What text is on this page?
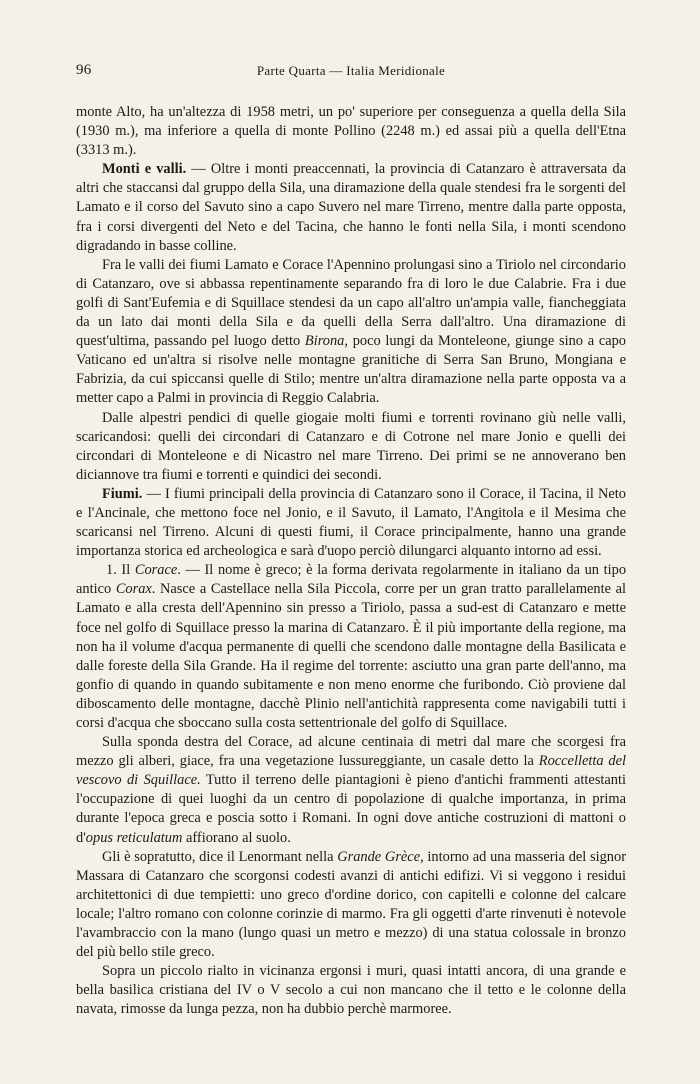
96	Parte Quarta — Italia Meridionale

monte Alto, ha un'altezza di 1958 metri, un po' superiore per conseguenza a quella della Sila (1930 m.), ma inferiore a quella di monte Pollino (2248 m.) ed assai più a quella dell'Etna (3313 m.).

Monti e valli. — Oltre i monti preaccennati, la provincia di Catanzaro è attraversata da altri che staccansi dal gruppo della Sila, una diramazione della quale stendesi fra le sorgenti del Lamato e il corso del Savuto sino a capo Suvero nel mare Tirreno, mentre dalla parte opposta, fra i corsi divergenti del Neto e del Tacina, che hanno le fonti nella Sila, i monti scendono digradando in basse colline.

Fra le valli dei fiumi Lamato e Corace l'Apennino prolungasi sino a Tiriolo nel circondario di Catanzaro, ove si abbassa repentinamente separando fra di loro le due Calabrie. Fra i due golfi di Sant'Eufemia e di Squillace stendesi da un capo all'altro un'ampia valle, fiancheggiata da un lato dai monti della Sila e da quelli della Serra dall'altro. Una diramazione di quest'ultima, passando pel luogo detto Birona, poco lungi da Monteleone, giunge sino a capo Vaticano ed un'altra si risolve nelle montagne granitiche di Serra San Bruno, Mongiana e Fabrizia, da cui spiccansi quelle di Stilo; mentre un'altra diramazione nella parte opposta va a metter capo a Palmi in provincia di Reggio Calabria.

Dalle alpestri pendici di quelle giogaie molti fiumi e torrenti rovinano giù nelle valli, scaricandosi: quelli dei circondari di Catanzaro e di Cotrone nel mare Jonio e quelli dei circondari di Monteleone e di Nicastro nel mare Tirreno. Dei primi se ne annoverano ben diciannove tra fiumi e torrenti e quindici dei secondi.

Fiumi. — I fiumi principali della provincia di Catanzaro sono il Corace, il Tacina, il Neto e l'Ancinale, che mettono foce nel Jonio, e il Savuto, il Lamato, l'Angitola e il Mesima che scaricansi nel Tirreno. Alcuni di questi fiumi, il Corace principalmente, hanno una grande importanza storica ed archeologica e sarà d'uopo perciò dilungarci alquanto intorno ad essi.

1. Il Corace. — Il nome è greco; è la forma derivata regolarmente in italiano da un tipo antico Corax. Nasce a Castellace nella Sila Piccola, corre per un gran tratto parallelamente al Lamato e alla cresta dell'Apennino sin presso a Tiriolo, passa a sud-est di Catanzaro e mette foce nel golfo di Squillace presso la marina di Catanzaro. È il più importante della regione, ma non ha il volume d'acqua permanente di quelli che scendono dalle montagne della Basilicata e dalle foreste della Sila Grande. Ha il regime del torrente: asciutto una gran parte dell'anno, ma gonfio di quando in quando subitamente e non meno enorme che furibondo. Ciò proviene dal diboscamento delle montagne, dacchè Plinio nell'antichità rappresenta come navigabili tutti i corsi d'acqua che sboccano sulla costa settentrionale del golfo di Squillace.

Sulla sponda destra del Corace, ad alcune centinaia di metri dal mare che scorgesi fra mezzo gli alberi, giace, fra una vegetazione lussureggiante, un casale detto la Roccelletta del vescovo di Squillace. Tutto il terreno delle piantagioni è pieno d'antichi frammenti attestanti l'occupazione di quei luoghi da un centro di popolazione di qualche importanza, in prima durante l'epoca greca e poscia sotto i Romani. In ogni dove antiche costruzioni di mattoni o d'opus reticulatum affiorano al suolo.

Gli è sopratutto, dice il Lenormant nella Grande Grèce, intorno ad una masseria del signor Massara di Catanzaro che scorgonsi codesti avanzi di antichi edifizi. Vi si veggono i residui architettonici di due tempietti: uno greco d'ordine dorico, con capitelli e colonne del calcare locale; l'altro romano con colonne corinzie di marmo. Fra gli oggetti d'arte rinvenuti è notevole l'avambraccio con la mano (lungo quasi un metro e mezzo) di una statua colossale in bronzo del più bello stile greco.

Sopra un piccolo rialto in vicinanza ergonsi i muri, quasi intatti ancora, di una grande e bella basilica cristiana del IV o V secolo a cui non mancano che il tetto e le colonne della navata, rimosse da lunga pezza, non ha dubbio perchè marmoree.
